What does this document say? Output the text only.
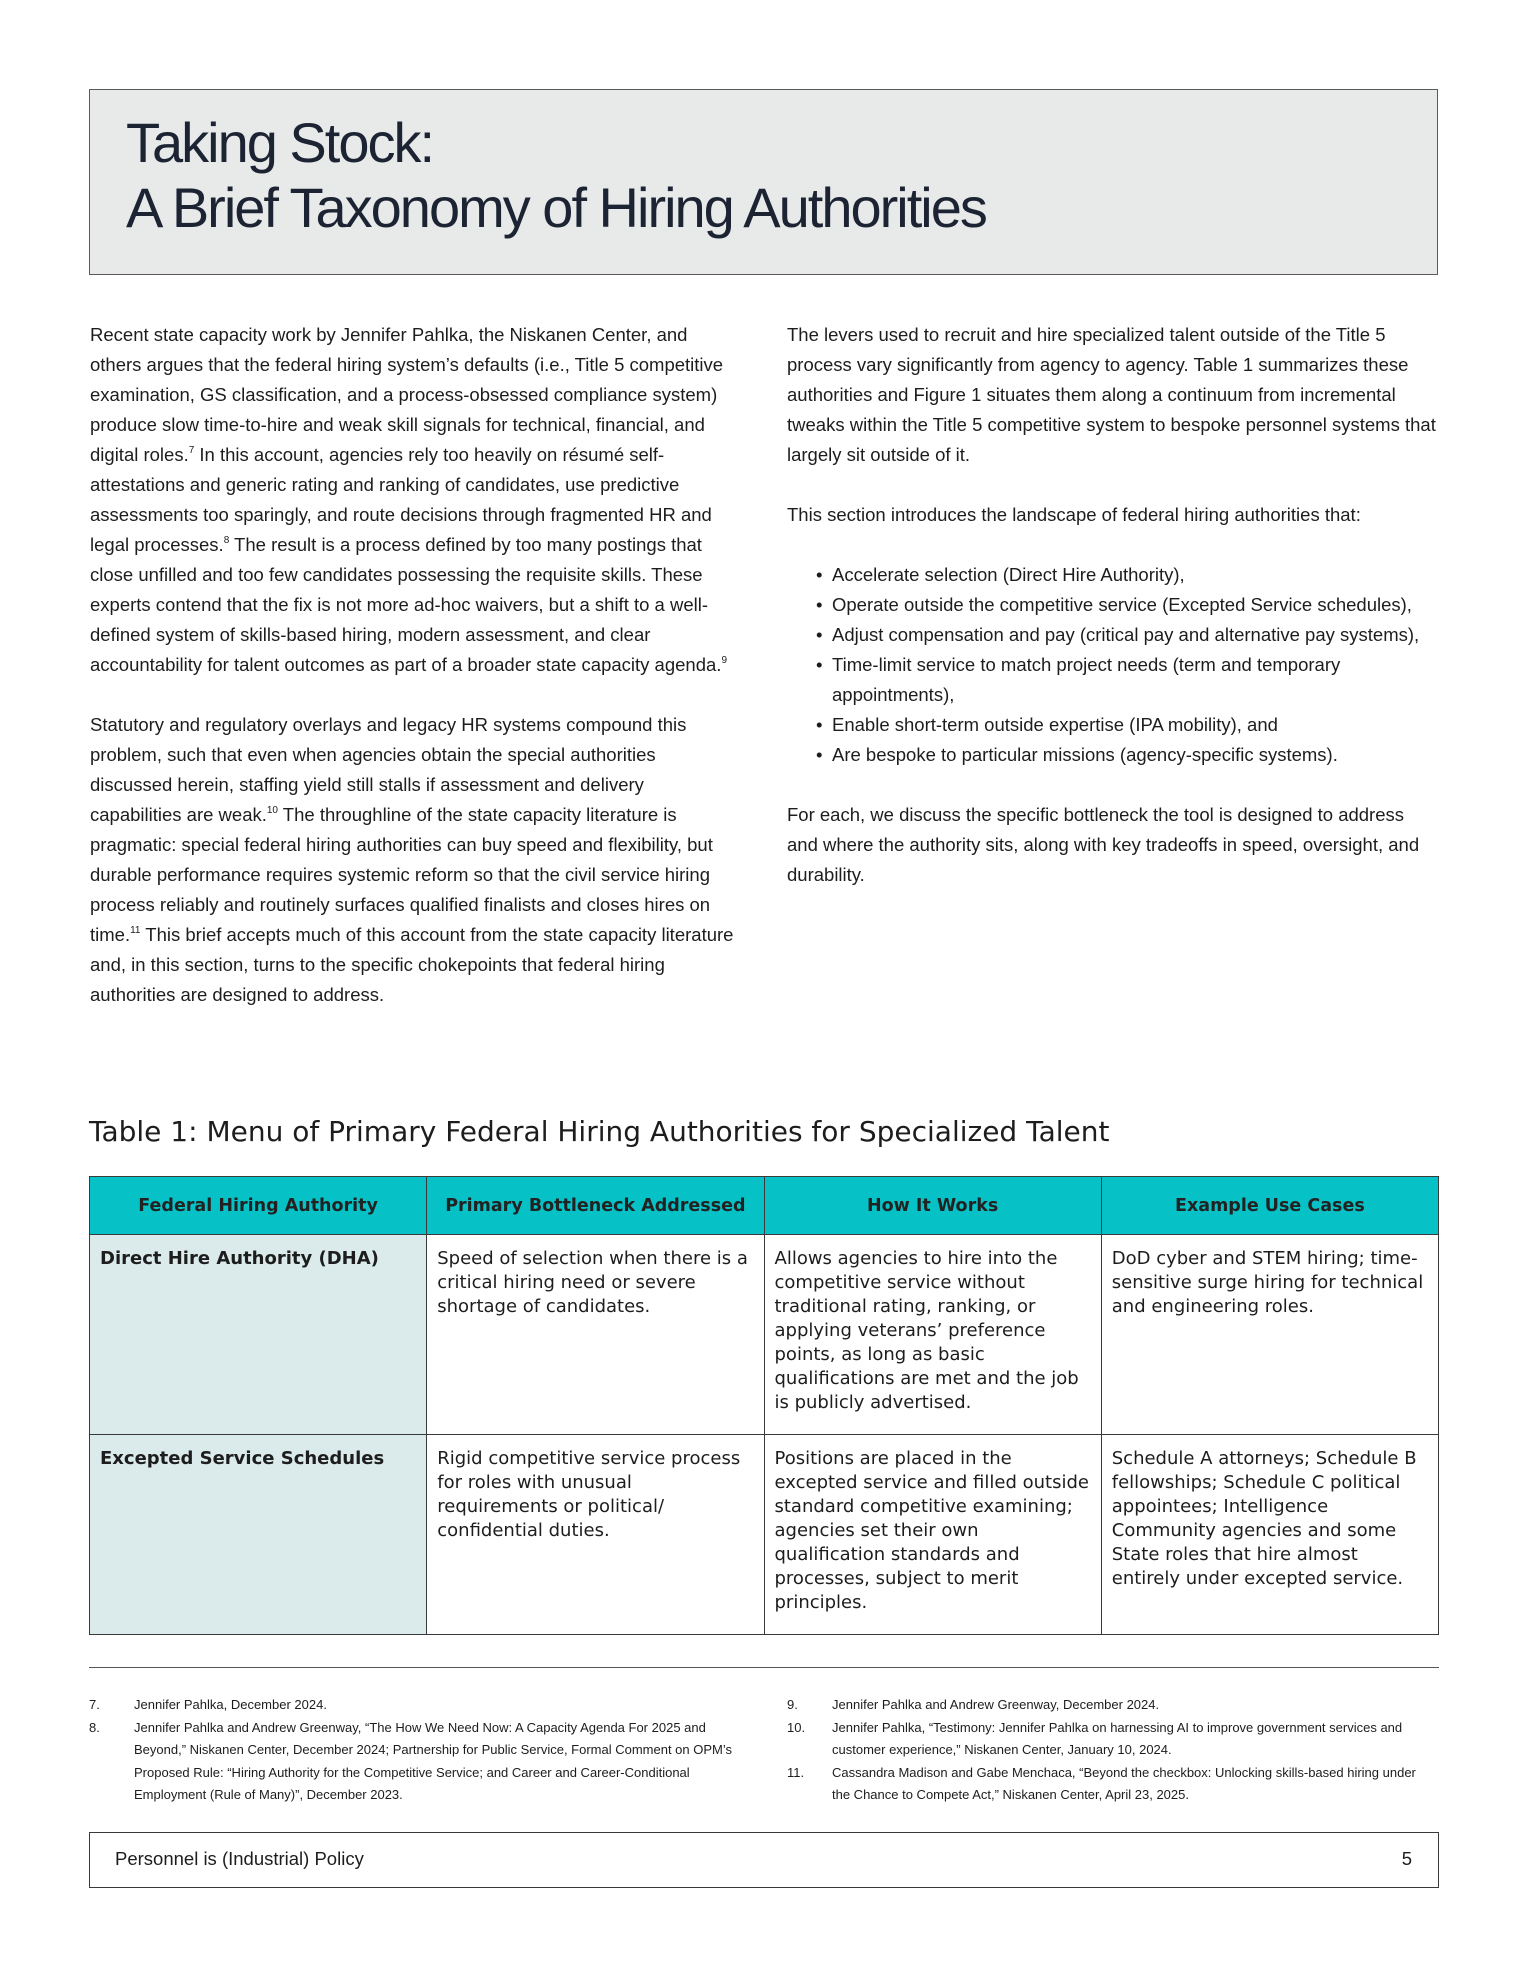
Taking Stock:
A Brief Taxonomy of Hiring Authorities

Recent state capacity work by Jennifer Pahlka, the Niskanen Center, and others argues that the federal hiring system’s defaults (i.e., Title 5 competitive examination, GS classification, and a process-obsessed compliance system) produce slow time-to-hire and weak skill signals for technical, financial, and digital roles.$^7$ In this account, agencies rely too heavily on résumé self-attestations and generic rating and ranking of candidates, use predictive assessments too sparingly, and route decisions through fragmented HR and legal processes.$^8$ The result is a process defined by too many postings that close unfilled and too few candidates possessing the requisite skills. These experts contend that the fix is not more ad-hoc waivers, but a shift to a well-defined system of skills-based hiring, modern assessment, and clear accountability for talent outcomes as part of a broader state capacity agenda.$^9$

Statutory and regulatory overlays and legacy HR systems compound this problem, such that even when agencies obtain the special authorities discussed herein, staffing yield still stalls if assessment and delivery capabilities are weak.$^{10}$ The throughline of the state capacity literature is pragmatic: special federal hiring authorities can buy speed and flexibility, but durable performance requires systemic reform so that the civil service hiring process reliably and routinely surfaces qualified finalists and closes hires on time.$^{11}$ This brief accepts much of this account from the state capacity literature and, in this section, turns to the specific chokepoints that federal hiring authorities are designed to address.

The levers used to recruit and hire specialized talent outside of the Title 5 process vary significantly from agency to agency. Table 1 summarizes these authorities and Figure 1 situates them along a continuum from incremental tweaks within the Title 5 competitive system to bespoke personnel systems that largely sit outside of it.

This section introduces the landscape of federal hiring authorities that:

• Accelerate selection (Direct Hire Authority),
• Operate outside the competitive service (Excepted Service schedules),
• Adjust compensation and pay (critical pay and alternative pay systems),
• Time-limit service to match project needs (term and temporary appointments),
• Enable short-term outside expertise (IPA mobility), and
• Are bespoke to particular missions (agency-specific systems).

For each, we discuss the specific bottleneck the tool is designed to address and where the authority sits, along with key tradeoffs in speed, oversight, and durability.

Table 1: Menu of Primary Federal Hiring Authorities for Specialized Talent
Federal Hiring Authority	Primary Bottleneck Addressed	How It Works	Example Use Cases
Direct Hire Authority (DHA)	Speed of selection when there is a critical hiring need or severe shortage of candidates.	Allows agencies to hire into the competitive service without traditional rating, ranking, or applying veterans’ preference points, as long as basic qualifications are met and the job is publicly advertised.	DoD cyber and STEM hiring; time-sensitive surge hiring for technical and engineering roles.
Excepted Service Schedules	Rigid competitive service process for roles with unusual requirements or political/ confidential duties.	Positions are placed in the excepted service and filled outside standard competitive examining; agencies set their own qualification standards and processes, subject to merit principles.	Schedule A attorneys; Schedule B fellowships; Schedule C political appointees; Intelligence Community agencies and some State roles that hire almost entirely under excepted service.
7.	Jennifer Pahlka, December 2024.
8.	Jennifer Pahlka and Andrew Greenway, “The How We Need Now: A Capacity Agenda For 2025 and Beyond,” Niskanen Center, December 2024; Partnership for Public Service, Formal Comment on OPM’s Proposed Rule: “Hiring Authority for the Competitive Service; and Career and Career-Conditional Employment (Rule of Many)”, December 2023.
9.	Jennifer Pahlka and Andrew Greenway, December 2024.
10. Jennifer Pahlka, “Testimony: Jennifer Pahlka on harnessing AI to improve government services and customer experience,” Niskanen Center, January 10, 2024.
11. Cassandra Madison and Gabe Menchaca, “Beyond the checkbox: Unlocking skills-based hiring under the Chance to Compete Act,” Niskanen Center, April 23, 2025.
Personnel is (Industrial) Policy	5
